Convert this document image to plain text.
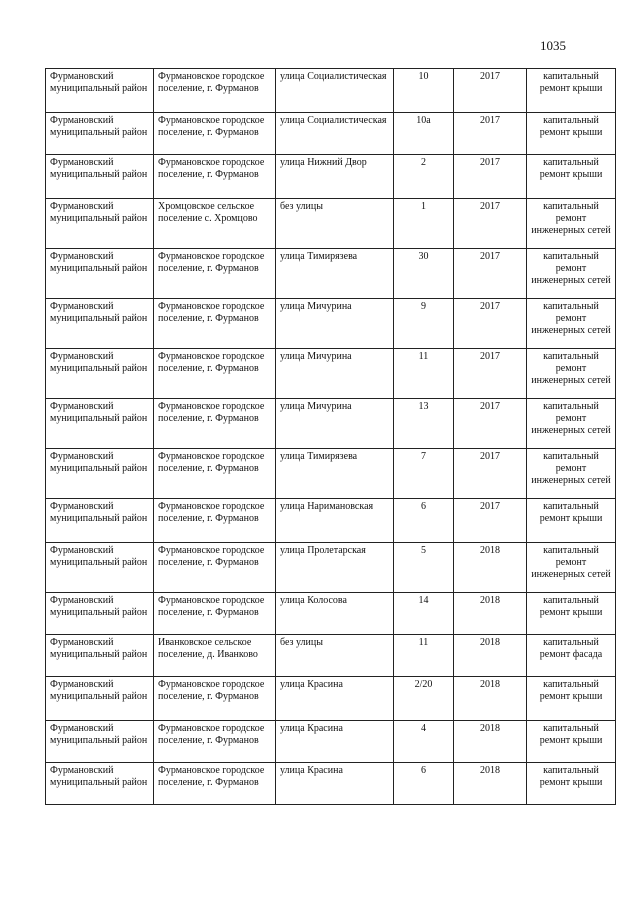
1035
Фурмановский муниципальный район	Фурмановское городское поселение, г. Фурманов	улица Социалистическая	10	2017	капитальный ремонт крыши
Фурмановский муниципальный район	Фурмановское городское поселение, г. Фурманов	улица Социалистическая	10а	2017	капитальный ремонт крыши
Фурмановский муниципальный район	Фурмановское городское поселение, г. Фурманов	улица Нижний Двор	2	2017	капитальный ремонт крыши
Фурмановский муниципальный район	Хромцовское сельское поселение с. Хромцово	без улицы	1	2017	капитальный ремонт инженерных сетей
Фурмановский муниципальный район	Фурмановское городское поселение, г. Фурманов	улица Тимирязева	30	2017	капитальный ремонт инженерных сетей
Фурмановский муниципальный район	Фурмановское городское поселение, г. Фурманов	улица Мичурина	9	2017	капитальный ремонт инженерных сетей
Фурмановский муниципальный район	Фурмановское городское поселение, г. Фурманов	улица Мичурина	11	2017	капитальный ремонт инженерных сетей
Фурмановский муниципальный район	Фурмановское городское поселение, г. Фурманов	улица Мичурина	13	2017	капитальный ремонт инженерных сетей
Фурмановский муниципальный район	Фурмановское городское поселение, г. Фурманов	улица Тимирязева	7	2017	капитальный ремонт инженерных сетей
Фурмановский муниципальный район	Фурмановское городское поселение, г. Фурманов	улица Наримановская	6	2017	капитальный ремонт крыши
Фурмановский муниципальный район	Фурмановское городское поселение, г. Фурманов	улица Пролетарская	5	2018	капитальный ремонт инженерных сетей
Фурмановский муниципальный район	Фурмановское городское поселение, г. Фурманов	улица Колосова	14	2018	капитальный ремонт крыши
Фурмановский муниципальный район	Иванковское сельское поселение, д. Иванково	без улицы	11	2018	капитальный ремонт фасада
Фурмановский муниципальный район	Фурмановское городское поселение, г. Фурманов	улица Красина	2/20	2018	капитальный ремонт крыши
Фурмановский муниципальный район	Фурмановское городское поселение, г. Фурманов	улица Красина	4	2018	капитальный ремонт крыши
Фурмановский муниципальный район	Фурмановское городское поселение, г. Фурманов	улица Красина	6	2018	капитальный ремонт крыши
